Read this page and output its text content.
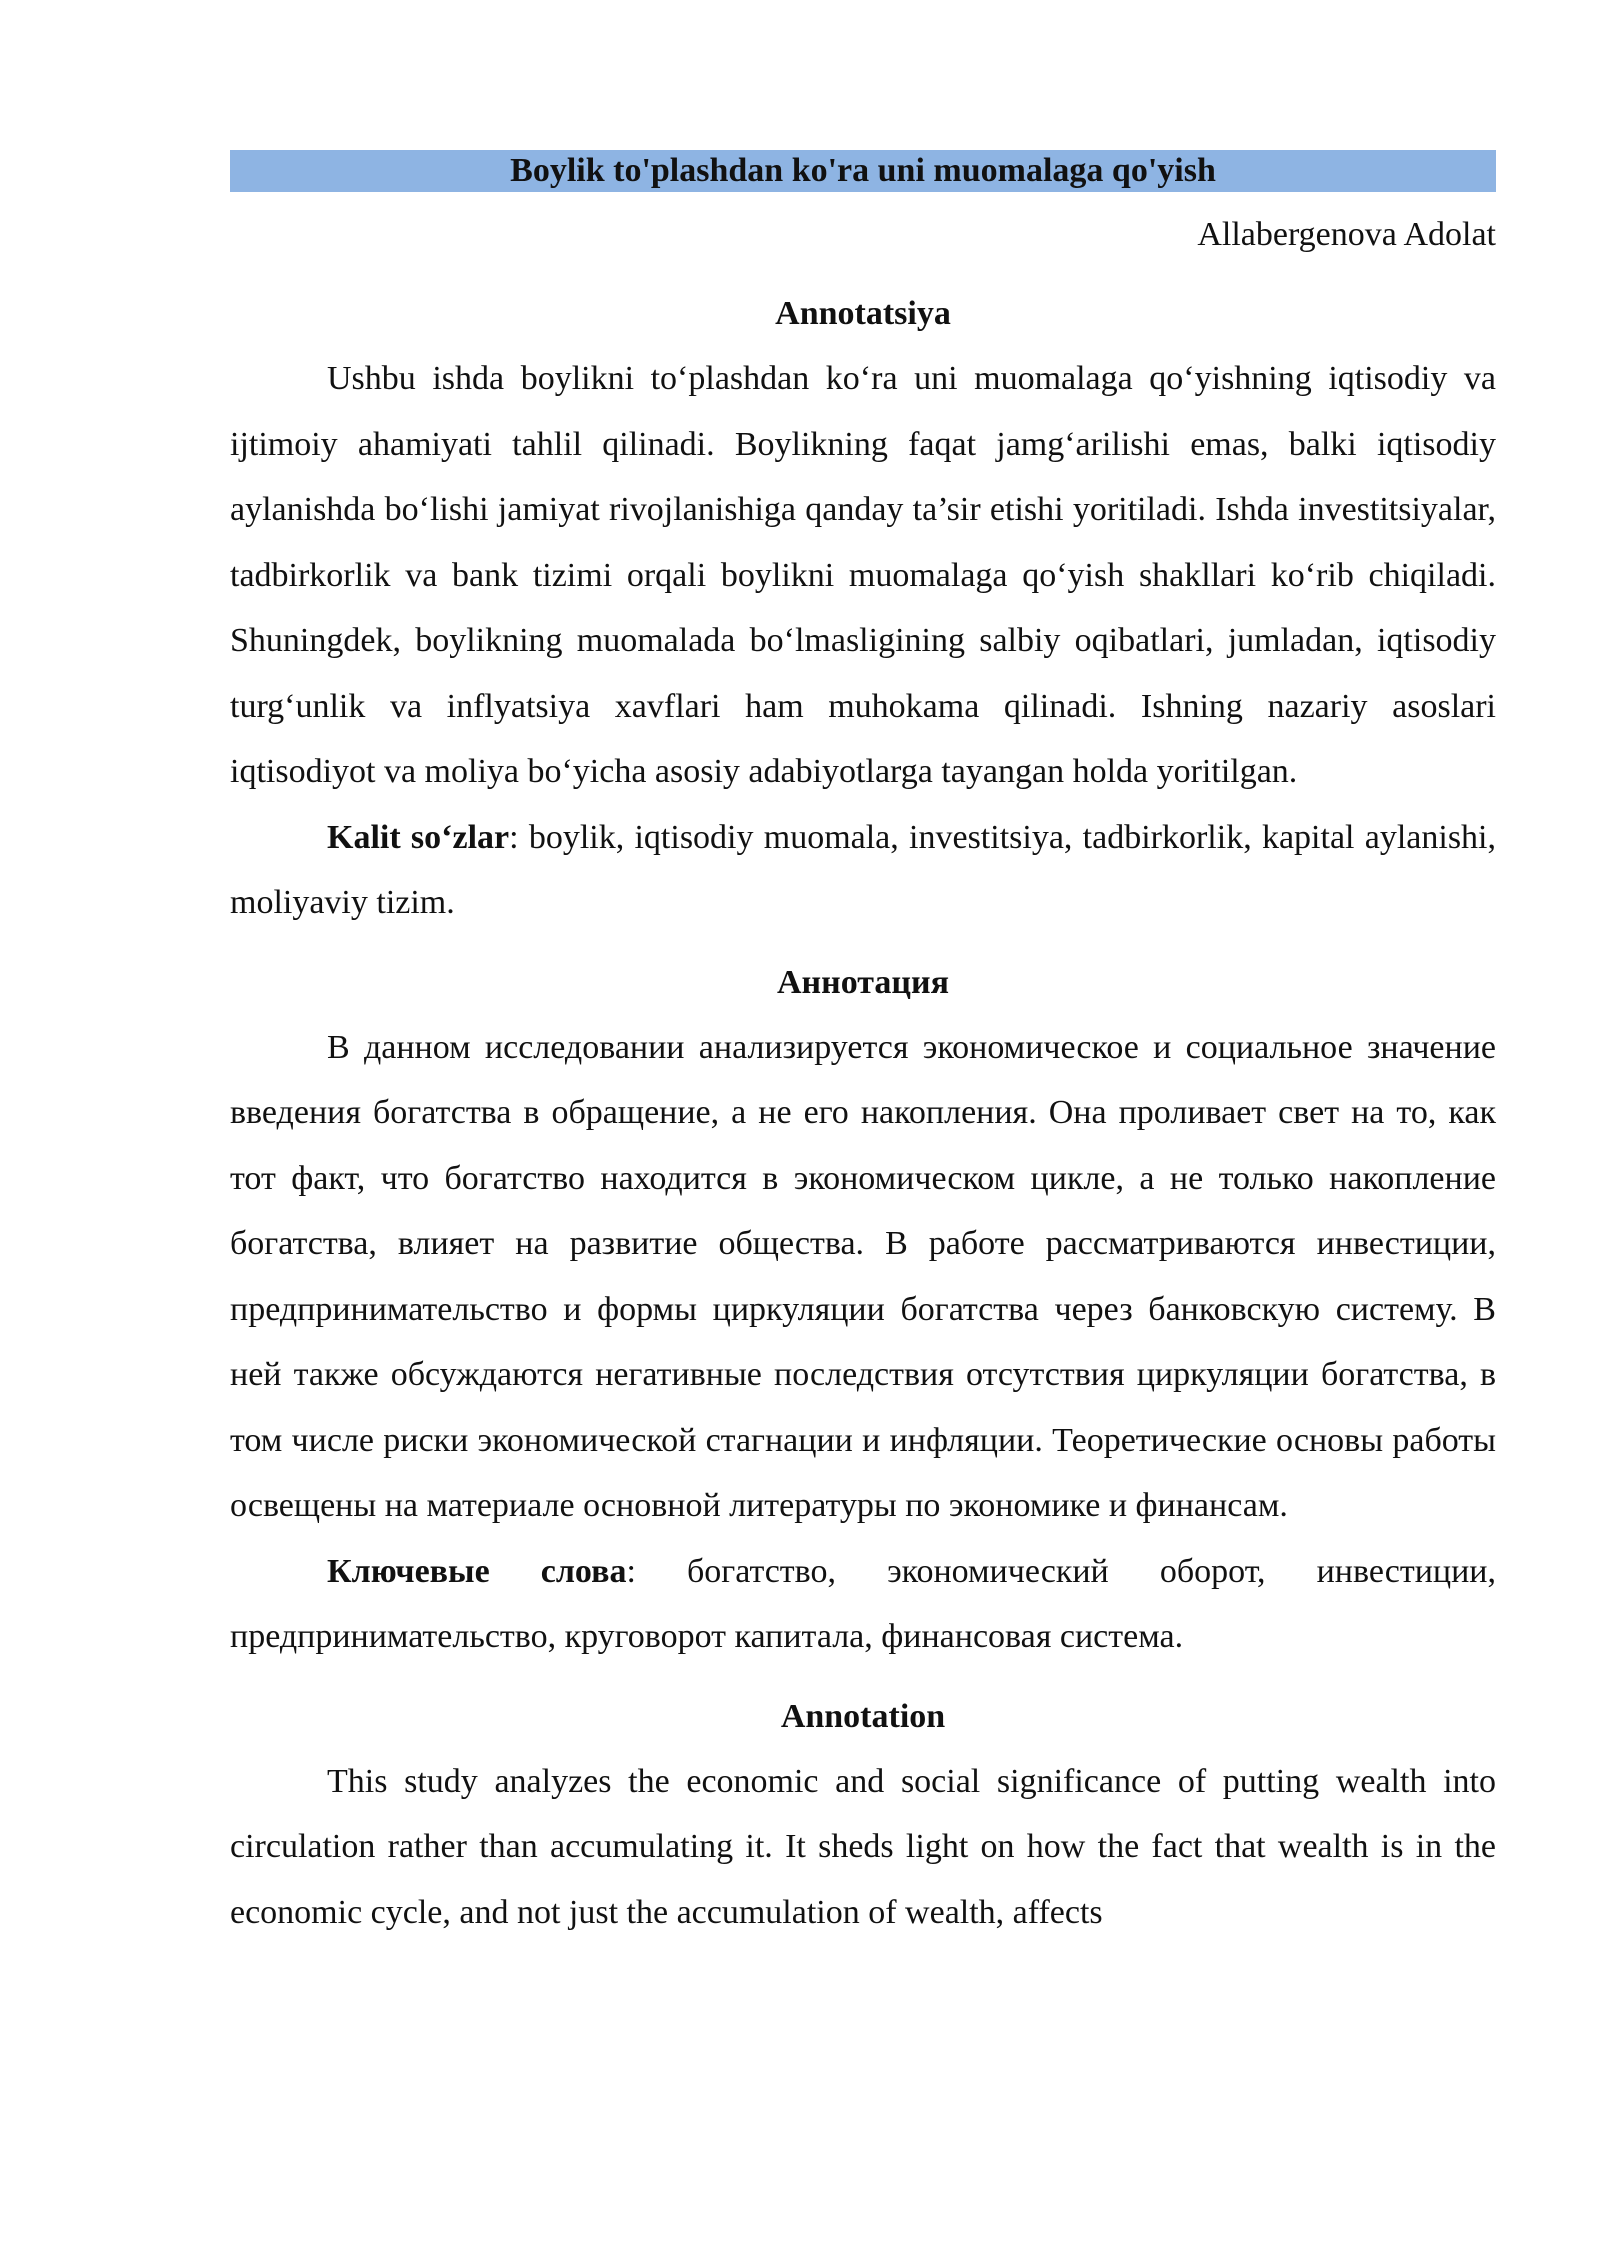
Boylik to'plashdan ko'ra uni muomalaga qo'yish
Allabergenova Adolat
Annotatsiya

Ushbu ishda boylikni to‘plashdan ko‘ra uni muomalaga qo‘yishning iqtisodiy va ijtimoiy ahamiyati tahlil qilinadi. Boylikning faqat jamg‘arilishi emas, balki iqtisodiy aylanishda bo‘lishi jamiyat rivojlanishiga qanday ta’sir etishi yoritiladi. Ishda investitsiyalar, tadbirkorlik va bank tizimi orqali boylikni muomalaga qo‘yish shakllari ko‘rib chiqiladi. Shuningdek, boylikning muomalada bo‘lmasligining salbiy oqibatlari, jumladan, iqtisodiy turg‘unlik va inflyatsiya xavflari ham muhokama qilinadi. Ishning nazariy asoslari iqtisodiyot va moliya bo‘yicha asosiy adabiyotlarga tayangan holda yoritilgan.

Kalit so‘zlar: boylik, iqtisodiy muomala, investitsiya, tadbirkorlik, kapital aylanishi, moliyaviy tizim.

Аннотация

В данном исследовании анализируется экономическое и социальное значение введения богатства в обращение, а не его накопления. Она проливает свет на то, как тот факт, что богатство находится в экономическом цикле, а не только накопление богатства, влияет на развитие общества. В работе рассматриваются инвестиции, предпринимательство и формы циркуляции богатства через банковскую систему. В ней также обсуждаются негативные последствия отсутствия циркуляции богатства, в том числе риски экономической стагнации и инфляции. Теоретические основы работы освещены на материале основной литературы по экономике и финансам.

Ключевые слова: богатство, экономический оборот, инвестиции, предпринимательство, круговорот капитала, финансовая система.

Annotation

This study analyzes the economic and social significance of putting wealth into circulation rather than accumulating it. It sheds light on how the fact that wealth is in the economic cycle, and not just the accumulation of wealth, affects
